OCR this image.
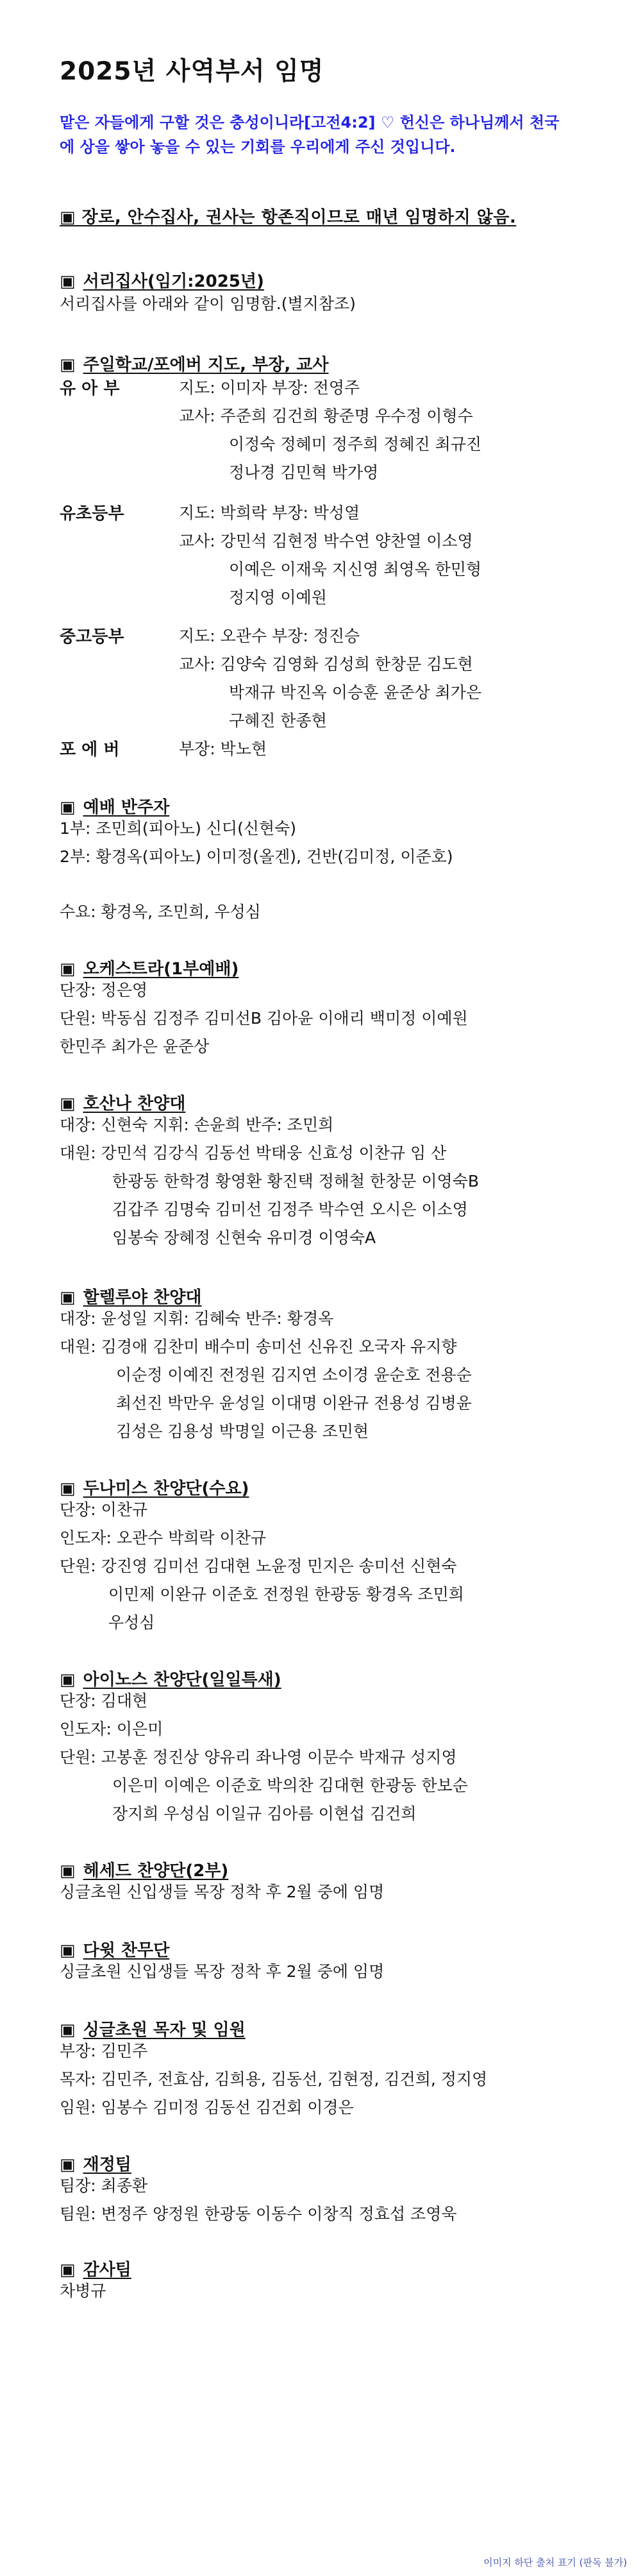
2025년 사역부서 임명
맡은 자들에게 구할 것은 충성이니라[고전4:2] ♡ 헌신은 하나님께서 천국에 상을 쌓아 놓을 수 있는 기회를 우리에게 주신 것입니다.
▣ 장로, 안수집사, 권사는 항존직이므로 매년 임명하지 않음.
▣ 서리집사(임기:2025년)
서리집사를 아래와 같이 임명함.(별지참조)
▣ 주일학교/포에버 지도, 부장, 교사
유 아 부	지도: 이미자 부장: 전영주
교사: 주준희 김건희 황준명 우수정 이형수
이정숙 정혜미 정주희 정혜진 최규진
정나경 김민혁 박가영
유초등부	지도: 박희락 부장: 박성열
교사: 강민석 김현정 박수연 양찬열 이소영
이예은 이재욱 지신영 최영옥 한민형
정지영 이예원
중고등부	지도: 오관수 부장: 정진승
교사: 김양숙 김영화 김성희 한창문 김도현
박재규 박진옥 이승훈 윤준상 최가은
구혜진 한종현
포 에 버	부장: 박노현
▣ 예배 반주자
1부: 조민희(피아노) 신디(신현숙)
2부: 황경옥(피아노) 이미정(올겐), 건반(김미정, 이준호)
수요: 황경옥, 조민희, 우성심
▣ 오케스트라(1부예배)
단장: 정은영
단원: 박동심 김정주 김미선B 김아윤 이애리 백미정 이예원
한민주 최가은 윤준상
▣ 호산나 찬양대
대장: 신현숙 지휘: 손윤희 반주: 조민희
대원: 강민석 김강식 김동선 박태웅 신효성 이찬규 임 산
한광동 한학경 황영환 황진택 정해철 한창문 이영숙B
김갑주 김명숙 김미선 김정주 박수연 오시은 이소영
임봉숙 장혜정 신현숙 유미경 이영숙A
▣ 할렐루야 찬양대
대장: 윤성일 지휘: 김혜숙 반주: 황경옥
대원: 김경애 김찬미 배수미 송미선 신유진 오국자 유지향
이순정 이예진 전정원 김지연 소이경 윤순호 전용순
최선진 박만우 윤성일 이대명 이완규 전용성 김병윤
김성은 김용성 박명일 이근용 조민현
▣ 두나미스 찬양단(수요)
단장: 이찬규
인도자: 오관수 박희락 이찬규
단원: 강진영 김미선 김대현 노윤정 민지은 송미선 신현숙
이민제 이완규 이준호 전정원 한광동 황경옥 조민희
우성심
▣ 아이노스 찬양단(일일특새)
단장: 김대현
인도자: 이은미
단원: 고봉훈 정진상 양유리 좌나영 이문수 박재규 성지영
이은미 이예은 이준호 박의찬 김대현 한광동 한보순
장지희 우성심 이일규 김아름 이현섭 김건희
▣ 헤세드 찬양단(2부)
싱글초원 신입생들 목장 정착 후 2월 중에 임명
▣ 다윗 찬무단
싱글초원 신입생들 목장 정착 후 2월 중에 임명
▣ 싱글초원 목자 및 임원
부장: 김민주
목자: 김민주, 전효삼, 김희용, 김동선, 김현정, 김건희, 정지영
임원: 임봉수 김미정 김동선 김건회 이경은
▣ 재정팀
팀장: 최종환
팀원: 변정주 양정원 한광동 이동수 이창직 정효섭 조영욱
▣ 감사팀
차병규
이미지 하단 출처 표기 (판독 불가)
